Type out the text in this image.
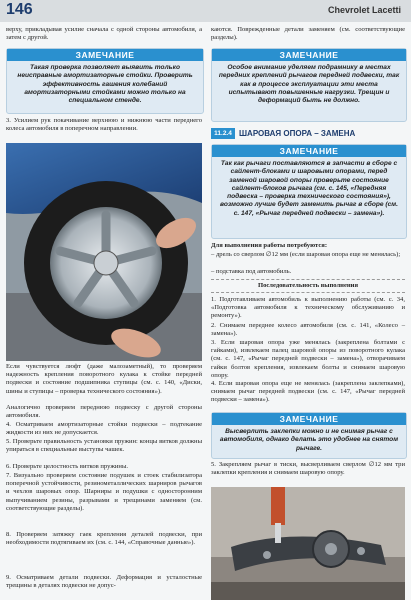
146	Chevrolet Lacetti
верху, прикладывая усилие сначала с одной стороны автомобиля, а затем с другой.
ЗАМЕЧАНИЕ
Такая проверка позволяет выявить только неисправные амортизаторные стойки. Проверить эффективность гашения колебаний амортизаторными стойками можно только на специальном стенде.
3. Усилием рук покачивание верхнюю и нижнюю части переднего колеса автомобиля в поперечном направлении.
Если чувствуется люфт (даже малозаметный), то проверяем надежность крепления поворотного кулака к стойке передней подвески и состояние подшипника ступицы (см. с. 140, «Диски, шины и ступицы – проверка технического состояния»).
Аналогично проверяем переднюю подвеску с другой стороны автомобиля.
4. Осматриваем амортизаторные стойки подвески – подтекание жидкости из них не допускается.
5. Проверьте правильность установки пружин: концы витков должны упираться в специальные выступы чашек.
6. Проверьте целостность витков пружины.
7. Визуально проверяем состояние подушек и стоек стабилизатора поперечной устойчивости, резинометаллических шарниров рычагов и чехлов шаровых опор. Шарниры и подушки с односторонним выпучиванием резины, разрывами и трещинами заменяем (см. соответствующие разделы).
8. Проверяем затяжку гаек крепления деталей подвески, при необходимости подтягиваем их (см. с. 144, «Справочные данные»).
9. Осматриваем детали подвески. Деформация и усталостные трещины в деталях подвески не допус-
каются. Поврежденные детали заменяем (см. соответствующие разделы).
ЗАМЕЧАНИЕ
Особое внимание уделяем подрамнику в местах передних креплений рычагов передней подвески, так как в процессе эксплуатации эти места испытывают повышенные нагрузки. Трещин и деформаций быть не должно.
11.2.4 ШАРОВАЯ ОПОРА – ЗАМЕНА
ЗАМЕЧАНИЕ
Так как рычаги поставляются в запчасти в сборе с сайлент-блоками и шаровыми опорами, перед заменой шаровой опоры проверьте состояние сайлент-блоков рычага (см. с. 145, «Передняя подвеска – проверка технического состояния»), возможно лучше будет заменить рычаг в сборе (см. с. 147, «Рычаг передней подвески – замена»).
Для выполнения работы потребуются:
– дрель со сверлом ∅12 мм (если шаровая опора еще не менялась);
– подставка под автомобиль.
Последовательность выполнения
1. Подготавливаем автомобиль к выполнению работы (см. с. 34, «Подготовка автомобиля к техническому обслуживанию и ремонту»).
2. Снимаем переднее колесо автомобиля (см. с. 141, «Колесо – замена»).
3. Если шаровая опора уже менялась (закреплена болтами с гайками), извлекаем палец шаровой опоры из поворотного кулака (см. с. 147, «Рычаг передней подвески – замена»), отворачиваем гайки болтов крепления, извлекаем болты и снимаем шаровую опору.
4. Если шаровая опора еще не менялась (закреплена заклепками), снимаем рычаг передней подвески (см. с. 147, «Рычаг передней подвески – замена»).
ЗАМЕЧАНИЕ
Высверлить заклепки можно и не снимая рычаг с автомобиля, однако делать это удобнее на снятом рычаге.
5. Закрепляем рычаг в тиски, высверливаем сверлом ∅12 мм три заклепки крепления и снимаем шаровую опору.
